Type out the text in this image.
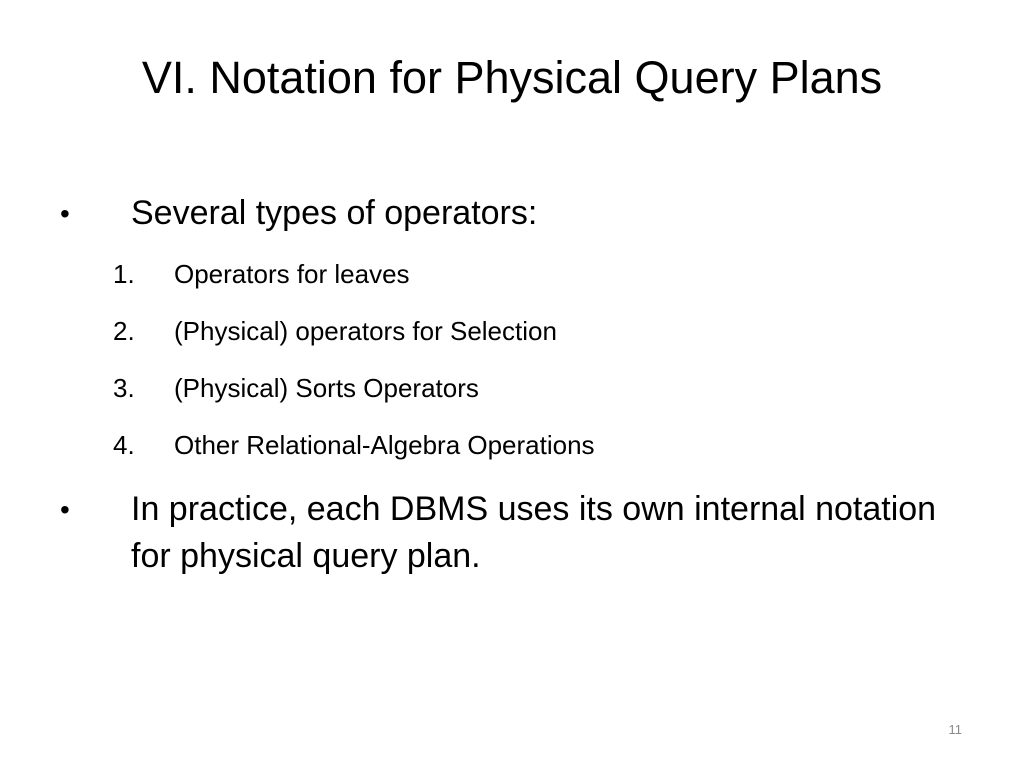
VI. Notation for Physical Query Plans
• Several types of operators:
1. Operators for leaves
2. (Physical) operators for Selection
3. (Physical) Sorts Operators
4. Other Relational-Algebra Operations
• In practice, each DBMS uses its own internal notation for physical query plan.
11
